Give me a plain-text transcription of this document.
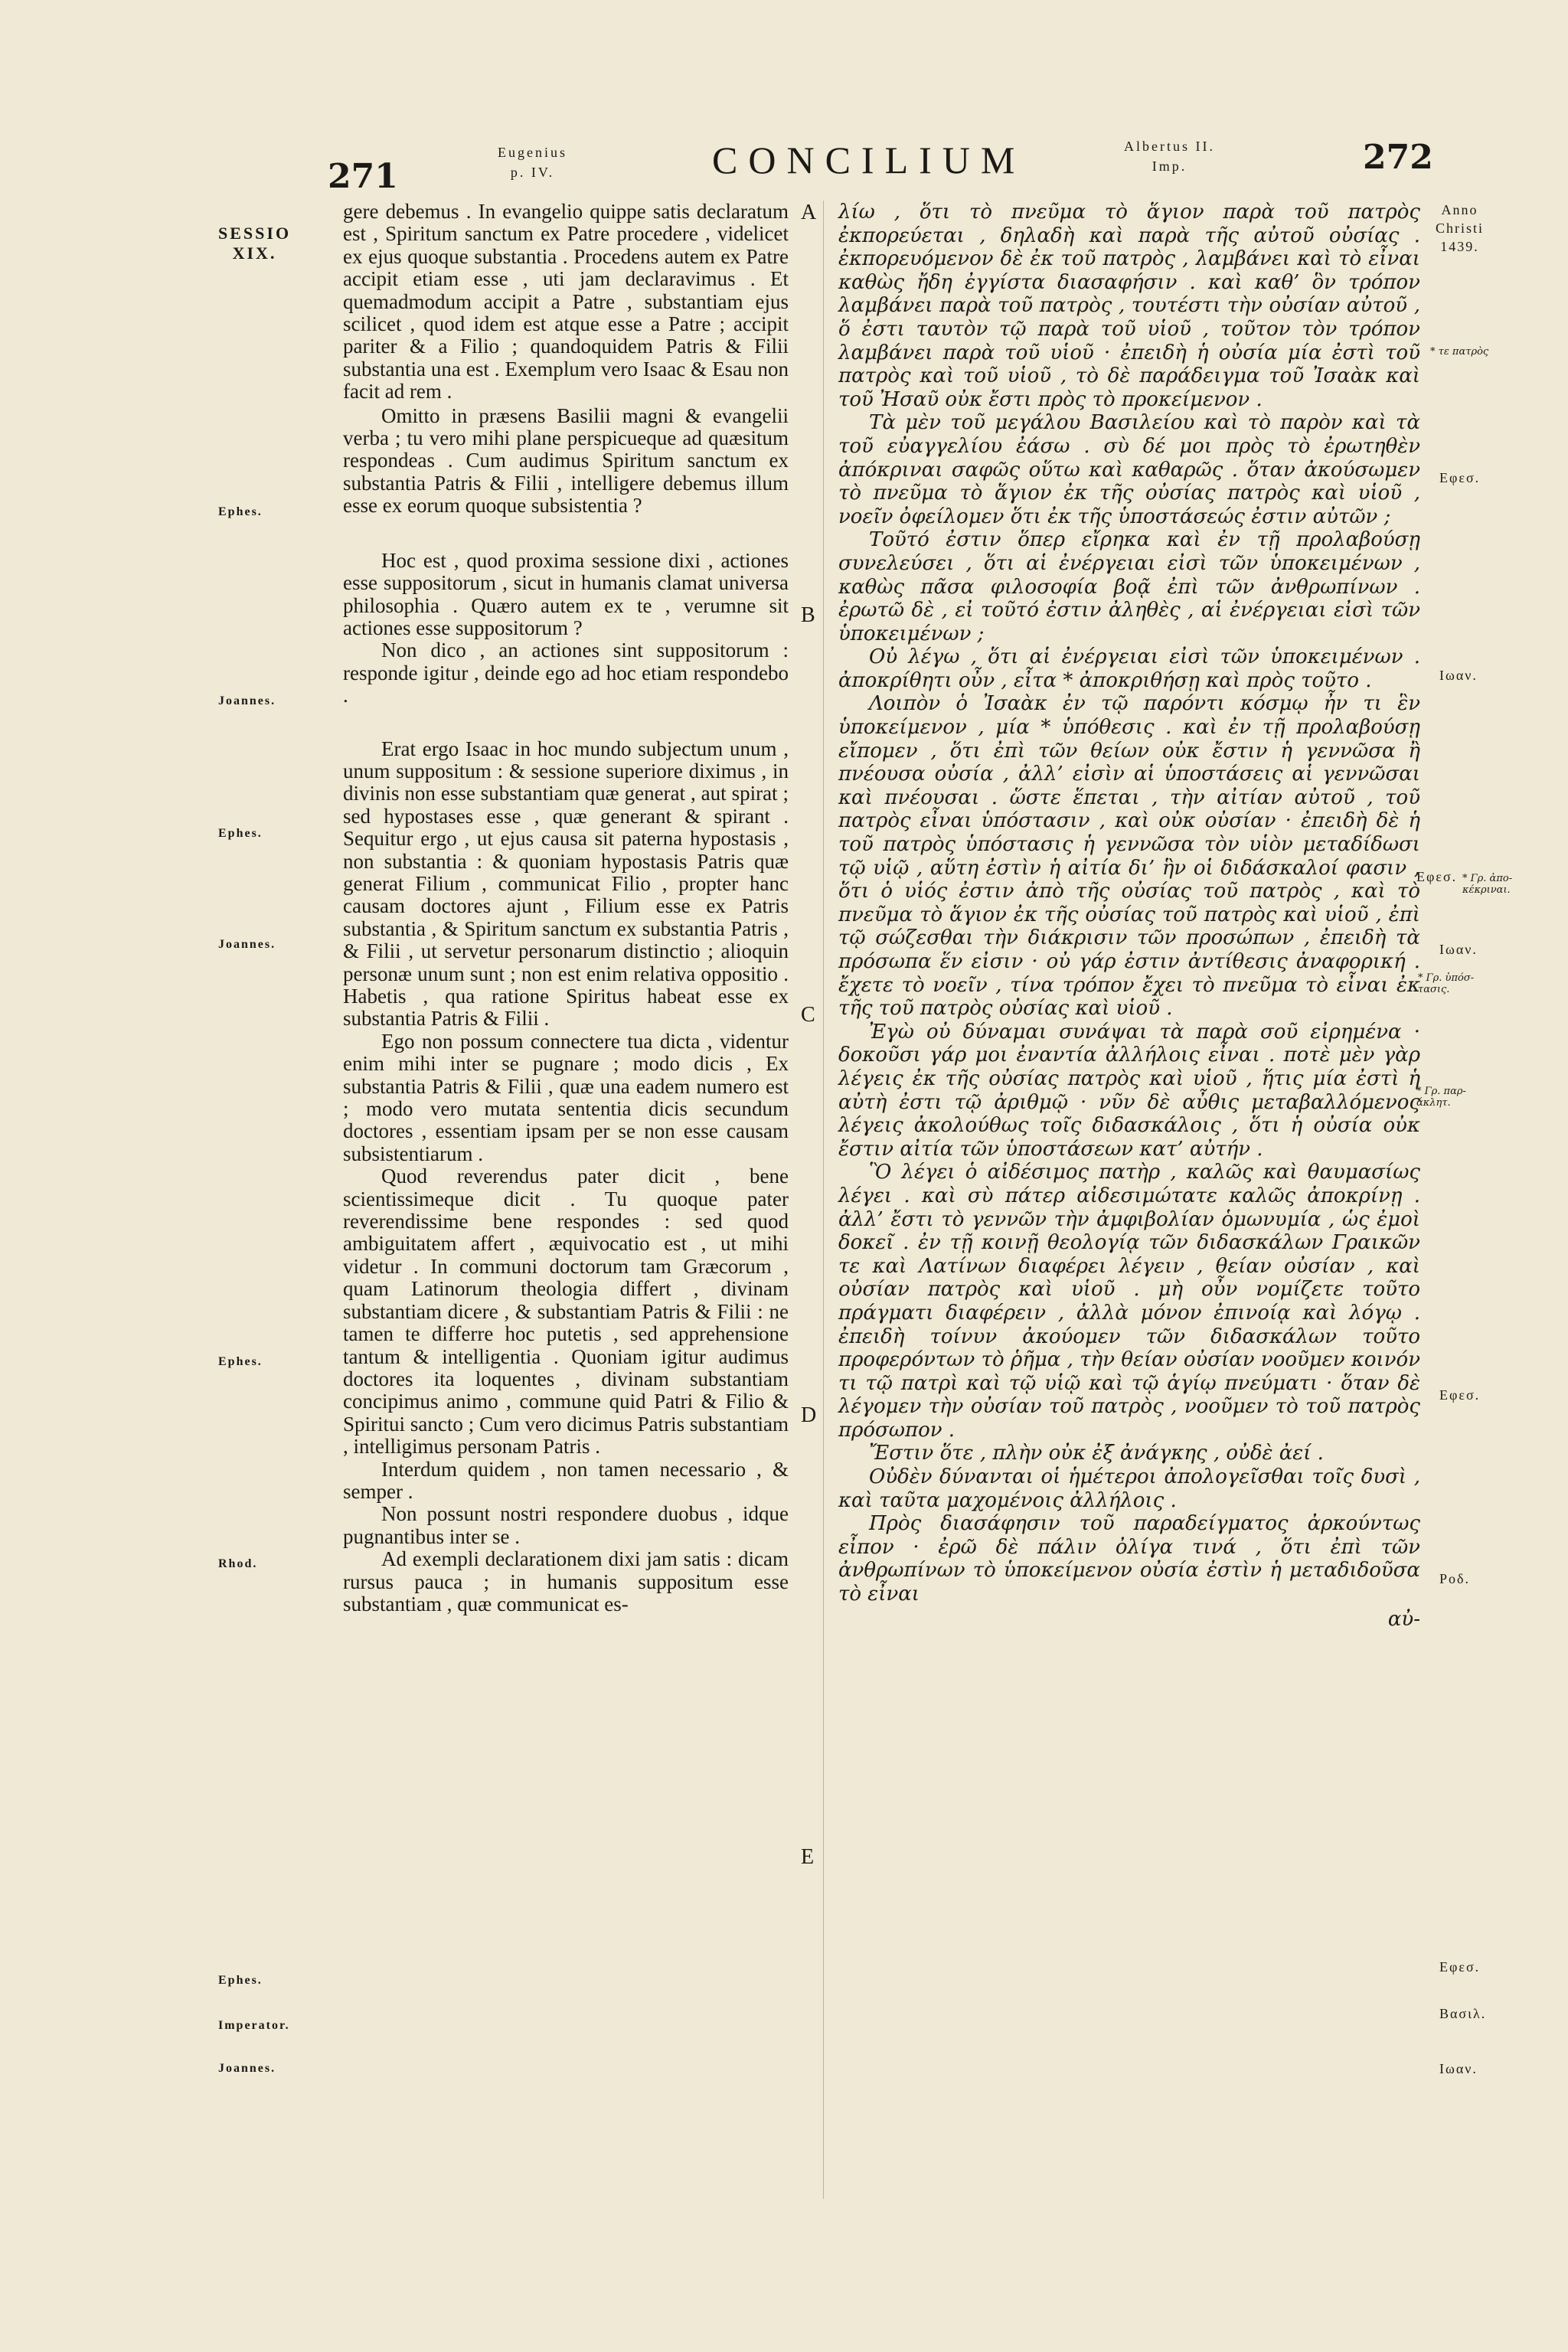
271
Eugenius
p. IV.	CONCILIUM	Albertus II.
Imp.	272
SESSIO
XIX.
Ephes.
Joannes.
Ephes.
Joannes.
Ephes.
Rhod.
Ephes.
Imperator.
Joannes.
A
B
C
D
E

gere debemus . In evangelio quippe satis declaratum est , Spiritum sanctum ex Patre procedere , videlicet ex ejus quoque substantia . Procedens autem ex Patre accipit etiam esse , uti jam declaravimus . Et quemadmodum accipit a Patre , substantiam ejus scilicet , quod idem est atque esse a Patre ; accipit pariter & a Filio ; quandoquidem Patris & Filii substantia una est . Exemplum vero Isaac & Esau non facit ad rem .

Omitto in præsens Basilii magni & evangelii verba ; tu vero mihi plane perspicueque ad quæsitum respondeas . Cum audimus Spiritum sanctum ex substantia Patris & Filii , intelligere debemus illum esse ex eorum quoque subsistentia ?

Hoc est , quod proxima sessione dixi , actiones esse suppositorum , sicut in humanis clamat universa philosophia . Quæro autem ex te , verumne sit actiones esse suppositorum ?

Non dico , an actiones sint suppositorum : responde igitur , deinde ego ad hoc etiam respondebo .

Erat ergo Isaac in hoc mundo subjectum unum , unum suppositum : & sessione superiore diximus , in divinis non esse substantiam quæ generat , aut spirat ; sed hypostases esse , quæ generant & spirant . Sequitur ergo , ut ejus causa sit paterna hypostasis , non substantia : & quoniam hypostasis Patris quæ generat Filium , communicat Filio , propter hanc causam doctores ajunt , Filium esse ex Patris substantia , & Spiritum sanctum ex substantia Patris , & Filii , ut servetur personarum distinctio ; alioquin personæ unum sunt ; non est enim relativa oppositio . Habetis , qua ratione Spiritus habeat esse ex substantia Patris & Filii .

Ego non possum connectere tua dicta , videntur enim mihi inter se pugnare ; modo dicis , Ex substantia Patris & Filii , quæ una eadem numero est ; modo vero mutata sententia dicis secundum doctores , essentiam ipsam per se non esse causam subsistentiarum .

Quod reverendus pater dicit , bene scientissimeque dicit . Tu quoque pater reverendissime bene respondes : sed quod ambiguitatem affert , æquivocatio est , ut mihi videtur . In communi doctorum tam Græcorum , quam Latinorum theologia differt , divinam substantiam dicere , & substantiam Patris & Filii : ne tamen te differre hoc putetis , sed apprehensione tantum & intelligentia . Quoniam igitur audimus doctores ita loquentes , divinam substantiam concipimus animo , commune quid Patri & Filio & Spiritui sancto ; Cum vero dicimus Patris substantiam , intelligimus personam Patris .

Interdum quidem , non tamen necessario , & semper .

Non possunt nostri respondere duobus , idque pugnantibus inter se .

Ad exempli declarationem dixi jam satis : dicam rursus pauca ; in humanis suppositum esse substantiam , quæ communicat es-

λίω , ὅτι τὸ πνεῦμα τὸ ἅγιον παρὰ τοῦ πατρὸς ἐκπορεύεται , δηλαδὴ καὶ παρὰ τῆς αὐτοῦ οὐσίας . ἐκπορευόμενον δὲ ἐκ τοῦ πατρὸς , λαμβάνει καὶ τὸ εἶναι καθὼς ἤδη ἐγγίστα διασαφήσιν . καὶ καθ’ ὃν τρόπον λαμβάνει παρὰ τοῦ πατρὸς , τουτέστι τὴν οὐσίαν αὐτοῦ , ὅ ἐστι ταυτὸν τῷ παρὰ τοῦ υἱοῦ , τοῦτον τὸν τρόπον λαμβάνει παρὰ τοῦ υἱοῦ · ἐπειδὴ ἡ οὐσία μία ἐστὶ τοῦ πατρὸς καὶ τοῦ υἱοῦ , τὸ δὲ παράδειγμα τοῦ Ἰσαὰκ καὶ τοῦ Ἠσαῦ οὐκ ἔστι πρὸς τὸ προκείμενον .

Τὰ μὲν τοῦ μεγάλου Βασιλείου καὶ τὸ παρὸν καὶ τὰ τοῦ εὐαγγελίου ἐάσω . σὺ δέ μοι πρὸς τὸ ἐρωτηθὲν ἀπόκριναι σαφῶς οὕτω καὶ καθαρῶς . ὅταν ἀκούσωμεν τὸ πνεῦμα τὸ ἅγιον ἐκ τῆς οὐσίας πατρὸς καὶ υἱοῦ , νοεῖν ὀφείλομεν ὅτι ἐκ τῆς ὑποστάσεώς ἐστιν αὐτῶν ;

Τοῦτό ἐστιν ὅπερ εἴρηκα καὶ ἐν τῇ προλαβούσῃ συνελεύσει , ὅτι αἱ ἐνέργειαι εἰσὶ τῶν ὑποκειμένων , καθὼς πᾶσα φιλοσοφία βοᾷ ἐπὶ τῶν ἀνθρωπίνων . ἐρωτῶ δὲ , εἰ τοῦτό ἐστιν ἀληθὲς , αἱ ἐνέργειαι εἰσὶ τῶν ὑποκειμένων ;

Οὐ λέγω , ὅτι αἱ ἐνέργειαι εἰσὶ τῶν ὑποκειμένων . ἀποκρίθητι οὖν , εἶτα * ἀποκριθήσῃ καὶ πρὸς τοῦτο .

Λοιπὸν ὁ Ἰσαὰκ ἐν τῷ παρόντι κόσμῳ ἦν τι ἓν ὑποκείμενον , μία * ὑπόθεσις . καὶ ἐν τῇ προλαβούσῃ εἴπομεν , ὅτι ἐπὶ τῶν θείων οὐκ ἔστιν ἡ γεννῶσα ἢ πνέουσα οὐσία , ἀλλ’ εἰσὶν αἱ ὑποστάσεις αἱ γεννῶσαι καὶ πνέουσαι . ὥστε ἕπεται , τὴν αἰτίαν αὐτοῦ , τοῦ πατρὸς εἶναι ὑπόστασιν , καὶ οὐκ οὐσίαν · ἐπειδὴ δὲ ἡ τοῦ πατρὸς ὑπόστασις ἡ γεννῶσα τὸν υἱὸν μεταδίδωσι τῷ υἱῷ , αὕτη ἐστὶν ἡ αἰτία δι’ ἣν οἱ διδάσκαλοί φασιν , ὅτι ὁ υἱός ἐστιν ἀπὸ τῆς οὐσίας τοῦ πατρὸς , καὶ τὸ πνεῦμα τὸ ἅγιον ἐκ τῆς οὐσίας τοῦ πατρὸς καὶ υἱοῦ , ἐπὶ τῷ σώζεσθαι τὴν διάκρισιν τῶν προσώπων , ἐπειδὴ τὰ πρόσωπα ἕν εἰσιν · οὐ γάρ ἐστιν ἀντίθεσις ἀναφορική . ἔχετε τὸ νοεῖν , τίνα τρόπον ἔχει τὸ πνεῦμα τὸ εἶναι ἐκ τῆς τοῦ πατρὸς οὐσίας καὶ υἱοῦ .

Ἐγὼ οὐ δύναμαι συνάψαι τὰ παρὰ σοῦ εἰρημένα · δοκοῦσι γάρ μοι ἐναντία ἀλλήλοις εἶναι . ποτὲ μὲν γὰρ λέγεις ἐκ τῆς οὐσίας πατρὸς καὶ υἱοῦ , ἥτις μία ἐστὶ ἡ αὐτὴ ἐστι τῷ ἀριθμῷ · νῦν δὲ αὖθις μεταβαλλόμενος λέγεις ἀκολούθως τοῖς διδασκάλοις , ὅτι ἡ οὐσία οὐκ ἔστιν αἰτία τῶν ὑποστάσεων κατ’ αὐτήν .

Ὃ λέγει ὁ αἰδέσιμος πατὴρ , καλῶς καὶ θαυμασίως λέγει . καὶ σὺ πάτερ αἰδεσιμώτατε καλῶς ἀποκρίνῃ . ἀλλ’ ἔστι τὸ γεννῶν τὴν ἀμφιβολίαν ὁμωνυμία , ὡς ἐμοὶ δοκεῖ . ἐν τῇ κοινῇ θεολογίᾳ τῶν διδασκάλων Γραικῶν τε καὶ Λατίνων διαφέρει λέγειν , θείαν οὐσίαν , καὶ οὐσίαν πατρὸς καὶ υἱοῦ . μὴ οὖν νομίζετε τοῦτο πράγματι διαφέρειν , ἀλλὰ μόνον ἐπινοίᾳ καὶ λόγῳ . ἐπειδὴ τοίνυν ἀκούομεν τῶν διδασκάλων τοῦτο προφερόντων τὸ ῥῆμα , τὴν θείαν οὐσίαν νοοῦμεν κοινόν τι τῷ πατρὶ καὶ τῷ υἱῷ καὶ τῷ ἁγίῳ πνεύματι · ὅταν δὲ λέγομεν τὴν οὐσίαν τοῦ πατρὸς , νοοῦμεν τὸ τοῦ πατρὸς πρόσωπον .

Ἔστιν ὅτε , πλὴν οὐκ ἐξ ἀνάγκης , οὐδὲ ἀεί .

Οὐδὲν δύνανται οἱ ἡμέτεροι ἀπολογεῖσθαι τοῖς δυσὶ , καὶ ταῦτα μαχομένοις ἀλλήλοις .

Πρὸς διασάφησιν τοῦ παραδείγματος ἀρκούντως εἶπον · ἐρῶ δὲ πάλιν ὀλίγα τινά , ὅτι ἐπὶ τῶν ἀνθρωπίνων τὸ ὑποκείμενον οὐσία ἐστὶν ἡ μεταδιδοῦσα τὸ εἶναι

αὐ-

Anno
Christi
1439.
* τε πατρὸς
Εφεσ.
Ιωαν.
Εφεσ. * Γρ. ἀπο-
κέκριναι.
Ιωαν.
* Γρ. ὑπόσ-
τασις.
* Γρ. παρ-
άκλητ.
Εφεσ.
Ροδ.
Εφεσ.
Βασιλ.
Ιωαν.
